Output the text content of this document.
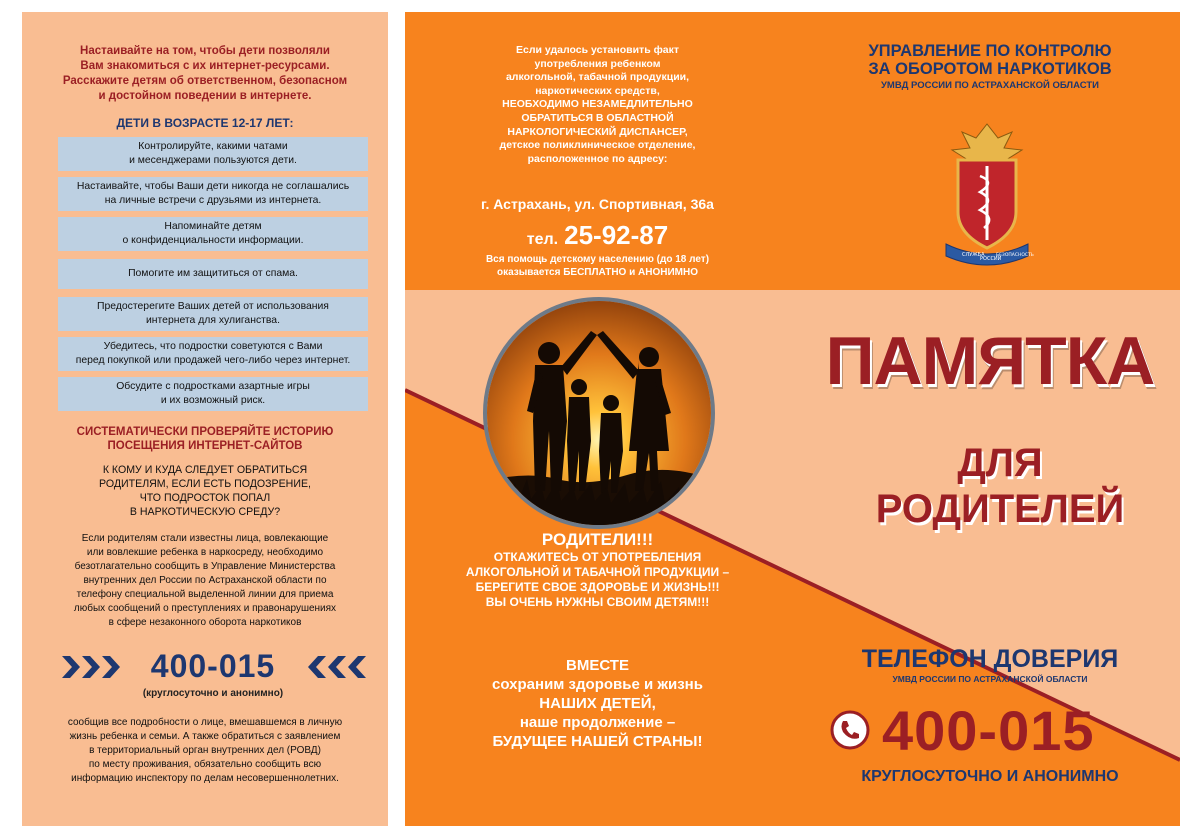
Настаивайте на том, чтобы дети позволяли
Вам знакомиться с их интернет-ресурсами.
Расскажите детям об ответственном, безопасном
и достойном поведении в интернете.
ДЕТИ В ВОЗРАСТЕ 12-17 ЛЕТ:
Контролируйте, какими чатами
и месенджерами пользуются дети.
Настаивайте, чтобы Ваши дети никогда не соглашались
на личные встречи с друзьями из интернета.
Напоминайте детям
о конфиденциальности информации.
Помогите им защититься от спама.
Предостерегите Ваших детей от использования
интернета для хулиганства.
Убедитесь, что подростки советуются с Вами
перед покупкой или продажей чего-либо через интернет.
Обсудите с подростками азартные игры
и их возможный риск.
СИСТЕМАТИЧЕСКИ ПРОВЕРЯЙТЕ ИСТОРИЮ
ПОСЕЩЕНИЯ ИНТЕРНЕТ-САЙТОВ
К КОМУ И КУДА СЛЕДУЕТ ОБРАТИТЬСЯ
РОДИТЕЛЯМ, ЕСЛИ ЕСТЬ ПОДОЗРЕНИЕ,
ЧТО ПОДРОСТОК ПОПАЛ
В НАРКОТИЧЕСКУЮ СРЕДУ?
Если родителям стали известны лица, вовлекающие
или вовлекшие ребенка в наркосреду, необходимо
безотлагательно сообщить в Управление Министерства
внутренних дел России по Астраханской области по
телефону специальной выделенной линии для приема
любых сообщений о преступлениях и правонарушениях
в сфере незаконного оборота наркотиков
400-015
(круглосуточно и анонимно)
сообщив все подробности о лице, вмешавшемся в личную
жизнь ребенка и семьи. А также обратиться с заявлением
в территориальный орган внутренних дел (РОВД)
по месту проживания, обязательно сообщить всю
информацию инспектору по делам несовершеннолетних.
Если удалось установить факт
употребления ребенком
алкогольной, табачной продукции,
наркотических средств,
НЕОБХОДИМО НЕЗАМЕДЛИТЕЛЬНО
ОБРАТИТЬСЯ В ОБЛАСТНОЙ
НАРКОЛОГИЧЕСКИЙ ДИСПАНСЕР,
детское поликлиническое отделение,
расположенное по адресу:
г. Астрахань, ул. Спортивная, 36а
тел. 25-92-87
Вся помощь детскому населению (до 18 лет)
оказывается БЕСПЛАТНО и АНОНИМНО
РОДИТЕЛИ!!!
ОТКАЖИТЕСЬ ОТ УПОТРЕБЛЕНИЯ
АЛКОГОЛЬНОЙ И ТАБАЧНОЙ ПРОДУКЦИИ –
БЕРЕГИТЕ СВОЕ ЗДОРОВЬЕ И ЖИЗНЬ!!!
ВЫ ОЧЕНЬ НУЖНЫ СВОИМ ДЕТЯМ!!!
ВМЕСТЕ
сохраним здоровье и жизнь
НАШИХ ДЕТЕЙ,
наше продолжение –
БУДУЩЕЕ НАШЕЙ СТРАНЫ!
УПРАВЛЕНИЕ ПО КОНТРОЛЮ
ЗА ОБОРОТОМ НАРКОТИКОВ
УМВД РОССИИ ПО АСТРАХАНСКОЙ ОБЛАСТИ
СЛУЖБА
РОССИИ
БЕЗОПАСНОСТЬ
ПАМЯТКА
ДЛЯ
РОДИТЕЛЕЙ
ТЕЛЕФОН ДОВЕРИЯ
УМВД РОССИИ ПО АСТРАХАНСКОЙ ОБЛАСТИ
400-015
КРУГЛОСУТОЧНО И АНОНИМНО
